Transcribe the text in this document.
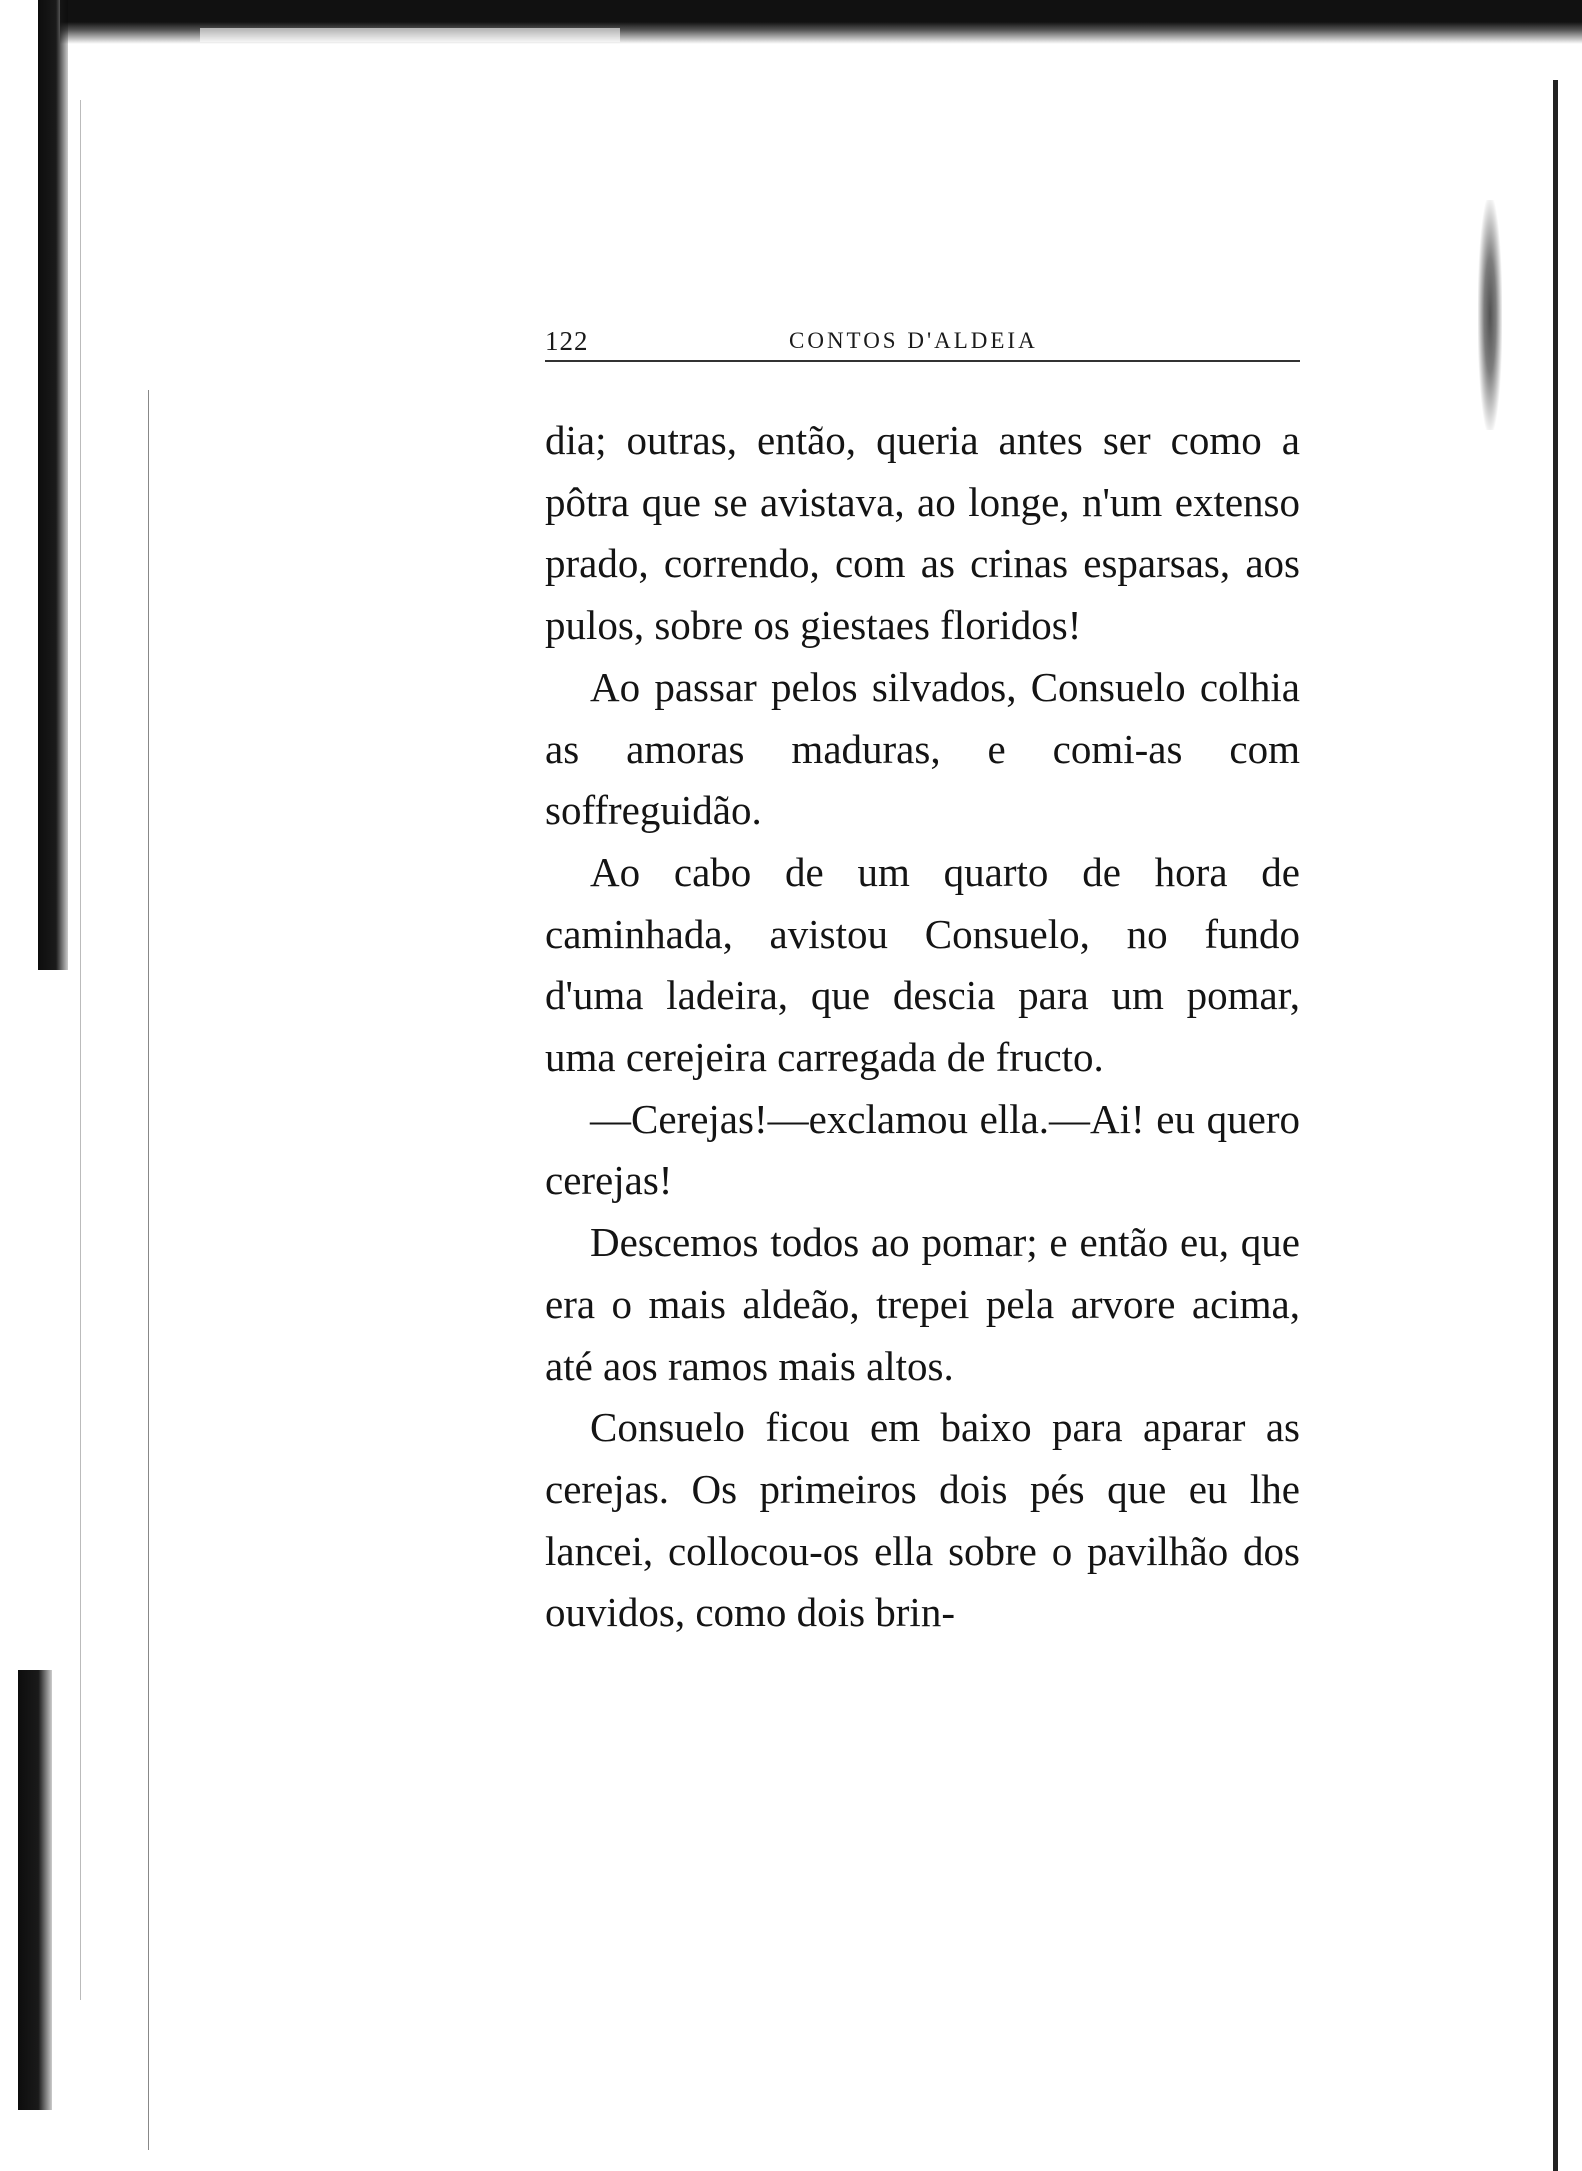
122	CONTOS D'ALDEIA

dia; outras, então, queria antes ser como a pôtra que se avistava, ao longe, n'um extenso prado, correndo, com as crinas esparsas, aos pulos, sobre os giestaes floridos!

Ao passar pelos silvados, Consuelo colhia as amoras maduras, e comi-as com soffreguidão.

Ao cabo de um quarto de hora de caminhada, avistou Consuelo, no fundo d'uma ladeira, que descia para um pomar, uma cerejeira carregada de fructo.

—Cerejas!—exclamou ella.—Ai! eu quero cerejas!

Descemos todos ao pomar; e então eu, que era o mais aldeão, trepei pela arvore acima, até aos ramos mais altos.

Consuelo ficou em baixo para aparar as cerejas. Os primeiros dois pés que eu lhe lancei, collocou-os ella sobre o pavilhão dos ouvidos, como dois brin-
